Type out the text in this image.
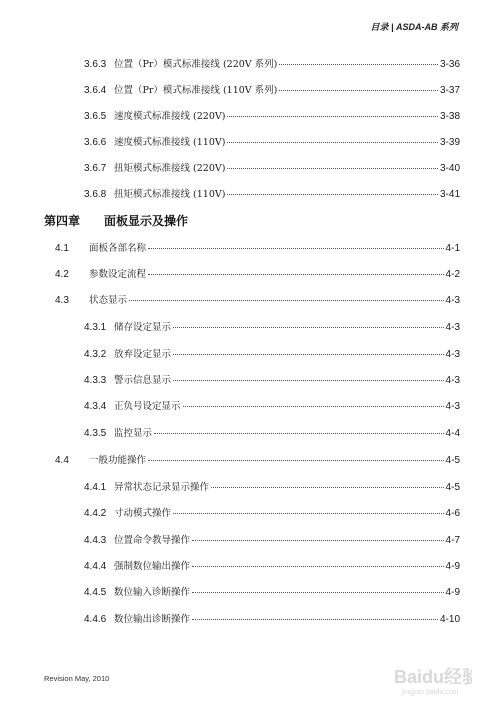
目录 | ASDA-AB 系列
3.6.3 位置（Pr）模式标准接线 (220V 系列)	3-36
3.6.4 位置（Pr）模式标准接线 (110V 系列)	3-37
3.6.5 速度模式标准接线 (220V)	3-38
3.6.6 速度模式标准接线 (110V)	3-39
3.6.7 扭矩模式标准接线 (220V)	3-40
3.6.8 扭矩模式标准接线 (110V)	3-41
第四章 面板显示及操作
4.1	面板各部名称	4-1
4.2	参数设定流程	4-2
4.3	状态显示	4-3
4.3.1 储存设定显示	4-3
4.3.2 放弃设定显示	4-3
4.3.3 警示信息显示	4-3
4.3.4 正负号设定显示	4-3
4.3.5 监控显示	4-4
4.4	一般功能操作	4-5
4.4.1 异常状态记录显示操作	4-5
4.4.2 寸动模式操作	4-6
4.4.3 位置命令教导操作	4-7
4.4.4 强制数位输出操作	4-9
4.4.5 数位输入诊断操作	4-9
4.4.6 数位输出诊断操作	4-10
Revision May, 2010	Baidu经验
jingyan.baidu.com
